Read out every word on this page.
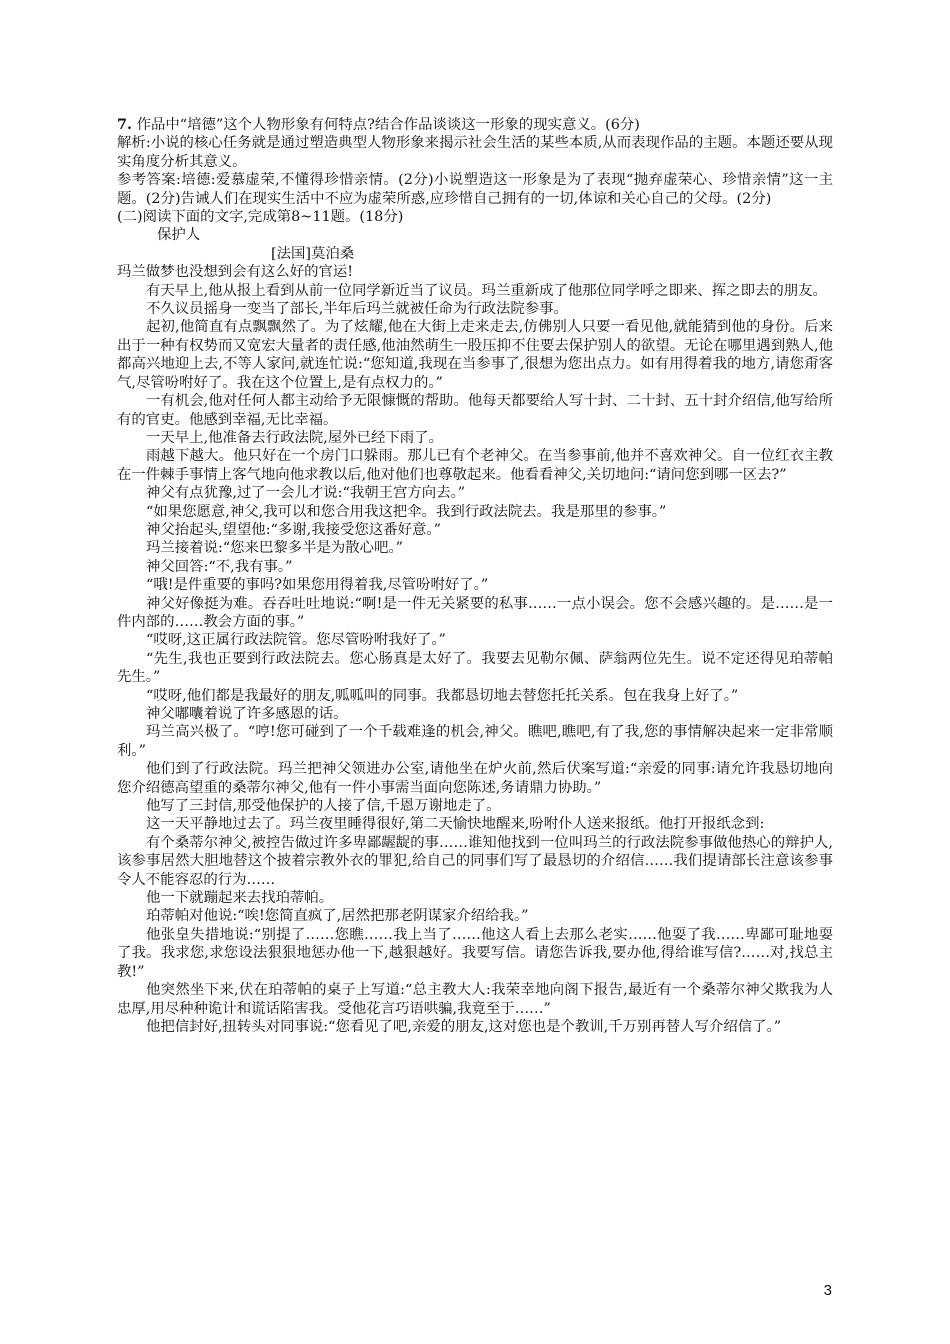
7. 作品中“培德”这个人物形象有何特点?结合作品谈谈这一形象的现实意义。(6分)

解析:小说的核心任务就是通过塑造典型人物形象来揭示社会生活的某些本质,从而表现作品的主题。本题还要从现实角度分析其意义。

参考答案:培德:爱慕虚荣,不懂得珍惜亲情。(2分)小说塑造这一形象是为了表现“抛弃虚荣心、珍惜亲情”这一主题。(2分)告诫人们在现实生活中不应为虚荣所惑,应珍惜自己拥有的一切,体谅和关心自己的父母。(2分)

(二)阅读下面的文字,完成第8~11题。(18分)

保护人

[法国]莫泊桑

玛兰做梦也没想到会有这么好的官运!

有天早上,他从报上看到从前一位同学新近当了议员。玛兰重新成了他那位同学呼之即来、挥之即去的朋友。

不久议员摇身一变当了部长,半年后玛兰就被任命为行政法院参事。

起初,他简直有点飘飘然了。为了炫耀,他在大街上走来走去,仿佛别人只要一看见他,就能猜到他的身份。后来出于一种有权势而又宽宏大量者的责任感,他油然萌生一股压抑不住要去保护别人的欲望。无论在哪里遇到熟人,他都高兴地迎上去,不等人家问,就连忙说:“您知道,我现在当参事了,很想为您出点力。如有用得着我的地方,请您甭客气,尽管吩咐好了。我在这个位置上,是有点权力的。”

一有机会,他对任何人都主动给予无限慷慨的帮助。他每天都要给人写十封、二十封、五十封介绍信,他写给所有的官吏。他感到幸福,无比幸福。

一天早上,他准备去行政法院,屋外已经下雨了。

雨越下越大。他只好在一个房门口躲雨。那儿已有个老神父。在当参事前,他并不喜欢神父。自一位红衣主教在一件棘手事情上客气地向他求教以后,他对他们也尊敬起来。他看看神父,关切地问:“请问您到哪一区去?”

神父有点犹豫,过了一会儿才说:“我朝王宫方向去。”

“如果您愿意,神父,我可以和您合用我这把伞。我到行政法院去。我是那里的参事。”

神父抬起头,望望他:“多谢,我接受您这番好意。”

玛兰接着说:“您来巴黎多半是为散心吧。”

神父回答:“不,我有事。”

“哦!是件重要的事吗?如果您用得着我,尽管吩咐好了。”

神父好像挺为难。吞吞吐吐地说:“啊!是一件无关紧要的私事……一点小误会。您不会感兴趣的。是……是一件内部的……教会方面的事。”

“哎呀,这正属行政法院管。您尽管吩咐我好了。”

“先生,我也正要到行政法院去。您心肠真是太好了。我要去见勒尔佩、萨翁两位先生。说不定还得见珀蒂帕先生。”

“哎呀,他们都是我最好的朋友,呱呱叫的同事。我都恳切地去替您托托关系。包在我身上好了。”

神父嘟囔着说了许多感恩的话。

玛兰高兴极了。“哼!您可碰到了一个千载难逢的机会,神父。瞧吧,瞧吧,有了我,您的事情解决起来一定非常顺利。”

他们到了行政法院。玛兰把神父领进办公室,请他坐在炉火前,然后伏案写道:“亲爱的同事:请允许我恳切地向您介绍德高望重的桑蒂尔神父,他有一件小事需当面向您陈述,务请鼎力协助。”

他写了三封信,那受他保护的人接了信,千恩万谢地走了。

这一天平静地过去了。玛兰夜里睡得很好,第二天愉快地醒来,吩咐仆人送来报纸。他打开报纸念到:

有个桑蒂尔神父,被控告做过许多卑鄙龌龊的事……谁知他找到一位叫玛兰的行政法院参事做他热心的辩护人,该参事居然大胆地替这个披着宗教外衣的罪犯,给自己的同事们写了最恳切的介绍信……我们提请部长注意该参事令人不能容忍的行为……

他一下就蹦起来去找珀蒂帕。

珀蒂帕对他说:“唉!您简直疯了,居然把那老阴谋家介绍给我。”

他张皇失措地说:“别提了……您瞧……我上当了……他这人看上去那么老实……他耍了我……卑鄙可耻地耍了我。我求您,求您设法狠狠地惩办他一下,越狠越好。我要写信。请您告诉我,要办他,得给谁写信?……对,找总主教!”

他突然坐下来,伏在珀蒂帕的桌子上写道:“总主教大人:我荣幸地向阁下报告,最近有一个桑蒂尔神父欺我为人忠厚,用尽种种诡计和谎话陷害我。受他花言巧语哄骗,我竟至于……”

他把信封好,扭转头对同事说:“您看见了吧,亲爱的朋友,这对您也是个教训,千万别再替人写介绍信了。”

3
